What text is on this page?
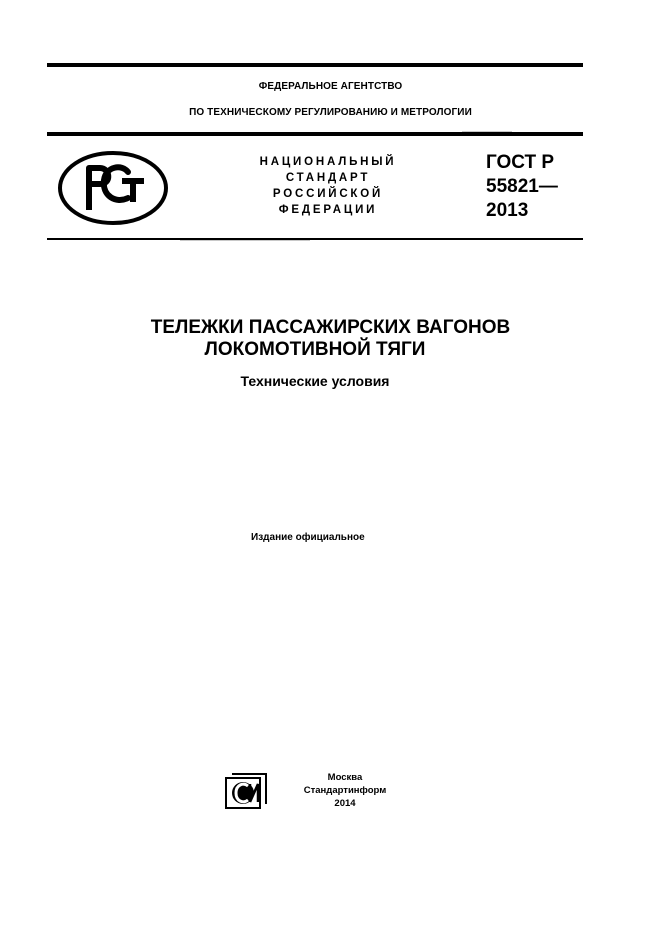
ФЕДЕРАЛЬНОЕ АГЕНТСТВО
ПО ТЕХНИЧЕСКОМУ РЕГУЛИРОВАНИЮ И МЕТРОЛОГИИ
НАЦИОНАЛЬНЫЙ
СТАНДАРТ
РОССИЙСКОЙ
ФЕДЕРАЦИИ
ГОСТ Р
55821—
2013
ТЕЛЕЖКИ ПАССАЖИРСКИХ ВАГОНОВ
ЛОКОМОТИВНОЙ ТЯГИ
Технические условия
Издание официальное
Москва
Стандартинформ
2014
